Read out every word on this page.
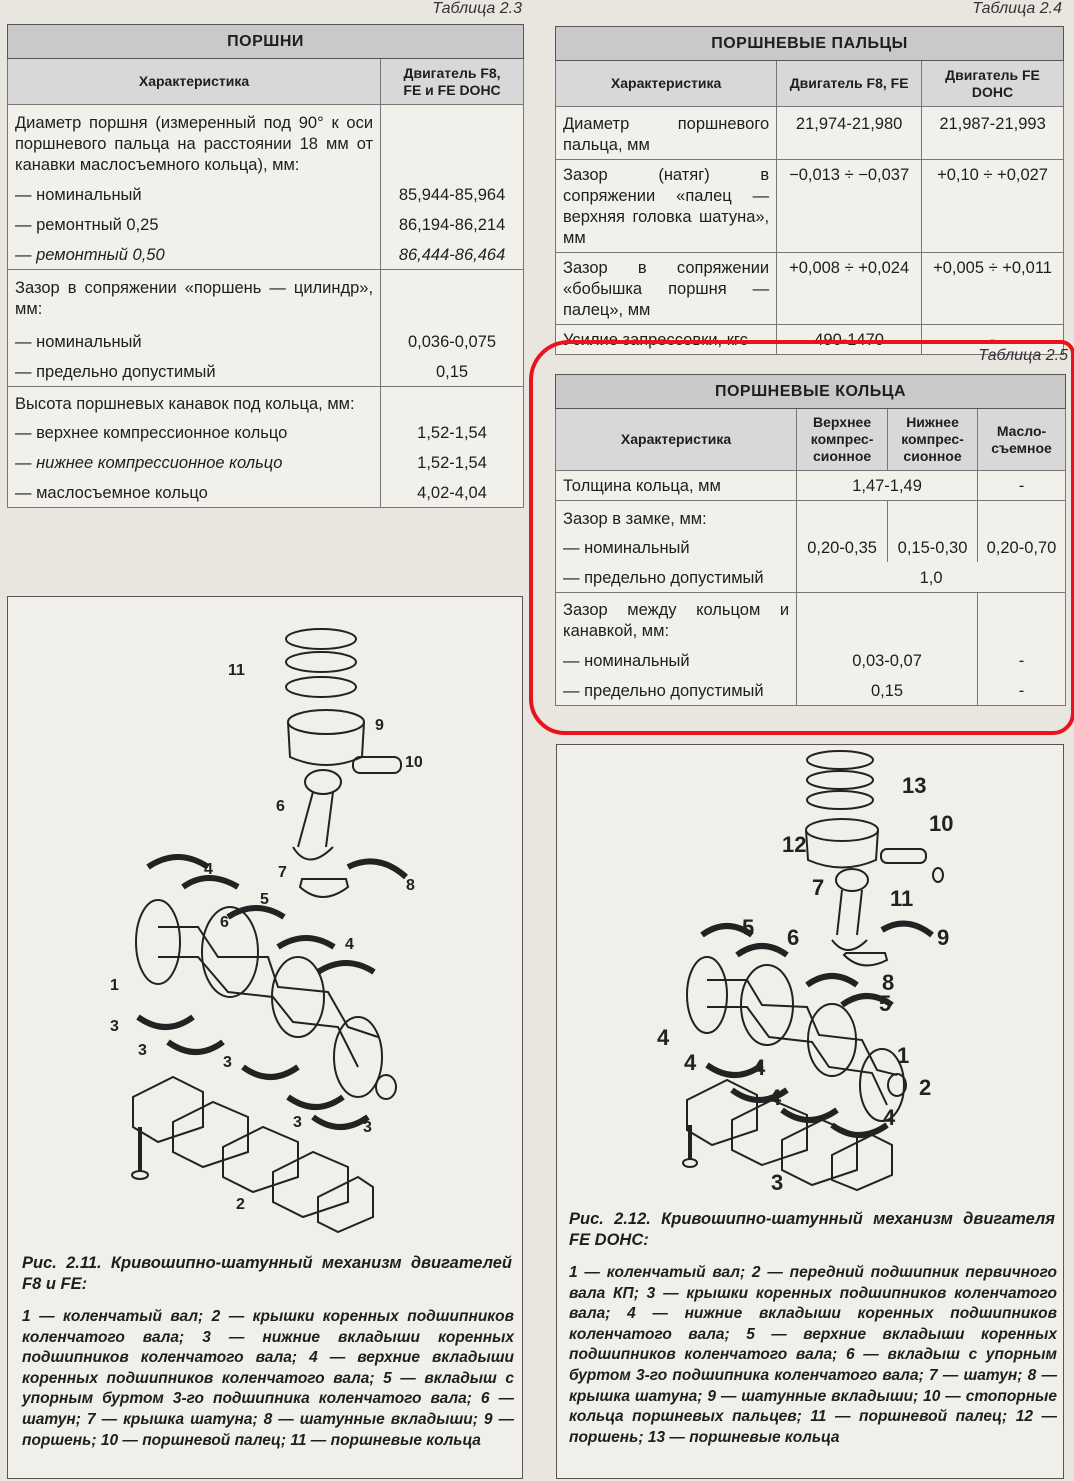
Таблица 2.3
ПОРШНИ	
Характеристика	Двигатель F8,
FE и FE DOHC
Диаметр поршня (измеренный под 90° к оси поршневого пальца на расстоянии 18 мм от канавки маслосъемного кольца), мм:	
— номинальный	85,944-85,964
— ремонтный 0,25	86,194-86,214
— ремонтный 0,50	86,444-86,464
Зазор в сопряжении «поршень — цилиндр», мм:	
— номинальный	0,036-0,075
— предельно допустимый	0,15
Высота поршневых канавок под кольца, мм:	
— верхнее компрессионное кольцо	1,52-1,54
— нижнее компрессионное кольцо	1,52-1,54
— маслосъемное кольцо	4,02-4,04
Таблица 2.4
ПОРШНЕВЫЕ ПАЛЬЦЫ		
Характеристика	Двигатель F8, FE	Двигатель FE DOHC
Диаметр поршневого пальца, мм	21,974-21,980	21,987-21,993
Зазор (натяг) в сопряжении «палец — верхняя головка шатуна», мм	−0,013 ÷ −0,037	+0,10 ÷ +0,027
Зазор в сопряжении «бобышка поршня — палец», мм	+0,008 ÷ +0,024	+0,005 ÷ +0,011
Усилие запрессовки, кгс	490-1470	-
Таблица 2.5
ПОРШНЕВЫЕ КОЛЬЦА			
Характеристика	Верхнее компрес-сионное	Нижнее компрес-сионное	Масло-съемное
Толщина кольца, мм	1,47-1,49		-
Зазор в замке, мм:			
— номинальный	0,20-0,35	0,15-0,30	0,20-0,70
— предельно допустимый	1,0		
Зазор между кольцом и канавкой, мм:			
— номинальный	0,03-0,07		-
— предельно допустимый	0,15		-
11
9
10
6
4	7
8
6
5
4
1
3
3
3
3	3
2
Рис. 2.11. Кривошипно-шатунный механизм двигателей F8 и FE:
1 — коленчатый вал; 2 — крышки коренных подшипников коленчатого вала; 3 — нижние вкладыши коренных подшипников коленчатого вала; 4 — верхние вкладыши коренных подшипников коленчатого вала; 5 — вкладыш с упорным буртом 3-го подшипника коленчатого вала; 6 — шатун; 7 — крышка шатуна; 8 — шатунные вкладыши; 9 — поршень; 10 — поршневой палец; 11 — поршневые кольца
13
10
12
7	11
5 6	9
8
5
4
4	4	1
2
4
4
3
Рис. 2.12. Кривошипно-шатунный механизм двигателя FE DOHC:
1 — коленчатый вал; 2 — передний подшипник первичного вала КП; 3 — крышки коренных подшипников коленчатого вала; 4 — нижние вкладыши коренных подшипников коленчатого вала; 5 — верхние вкладыши коренных подшипников коленчатого вала; 6 — вкладыш с упорным буртом 3-го подшипника коленчатого вала; 7 — шатун; 8 — крышка шатуна; 9 — шатунные вкладыши; 10 — стопорные кольца поршневых пальцев; 11 — поршневой палец; 12 — поршень; 13 — поршневые кольца
